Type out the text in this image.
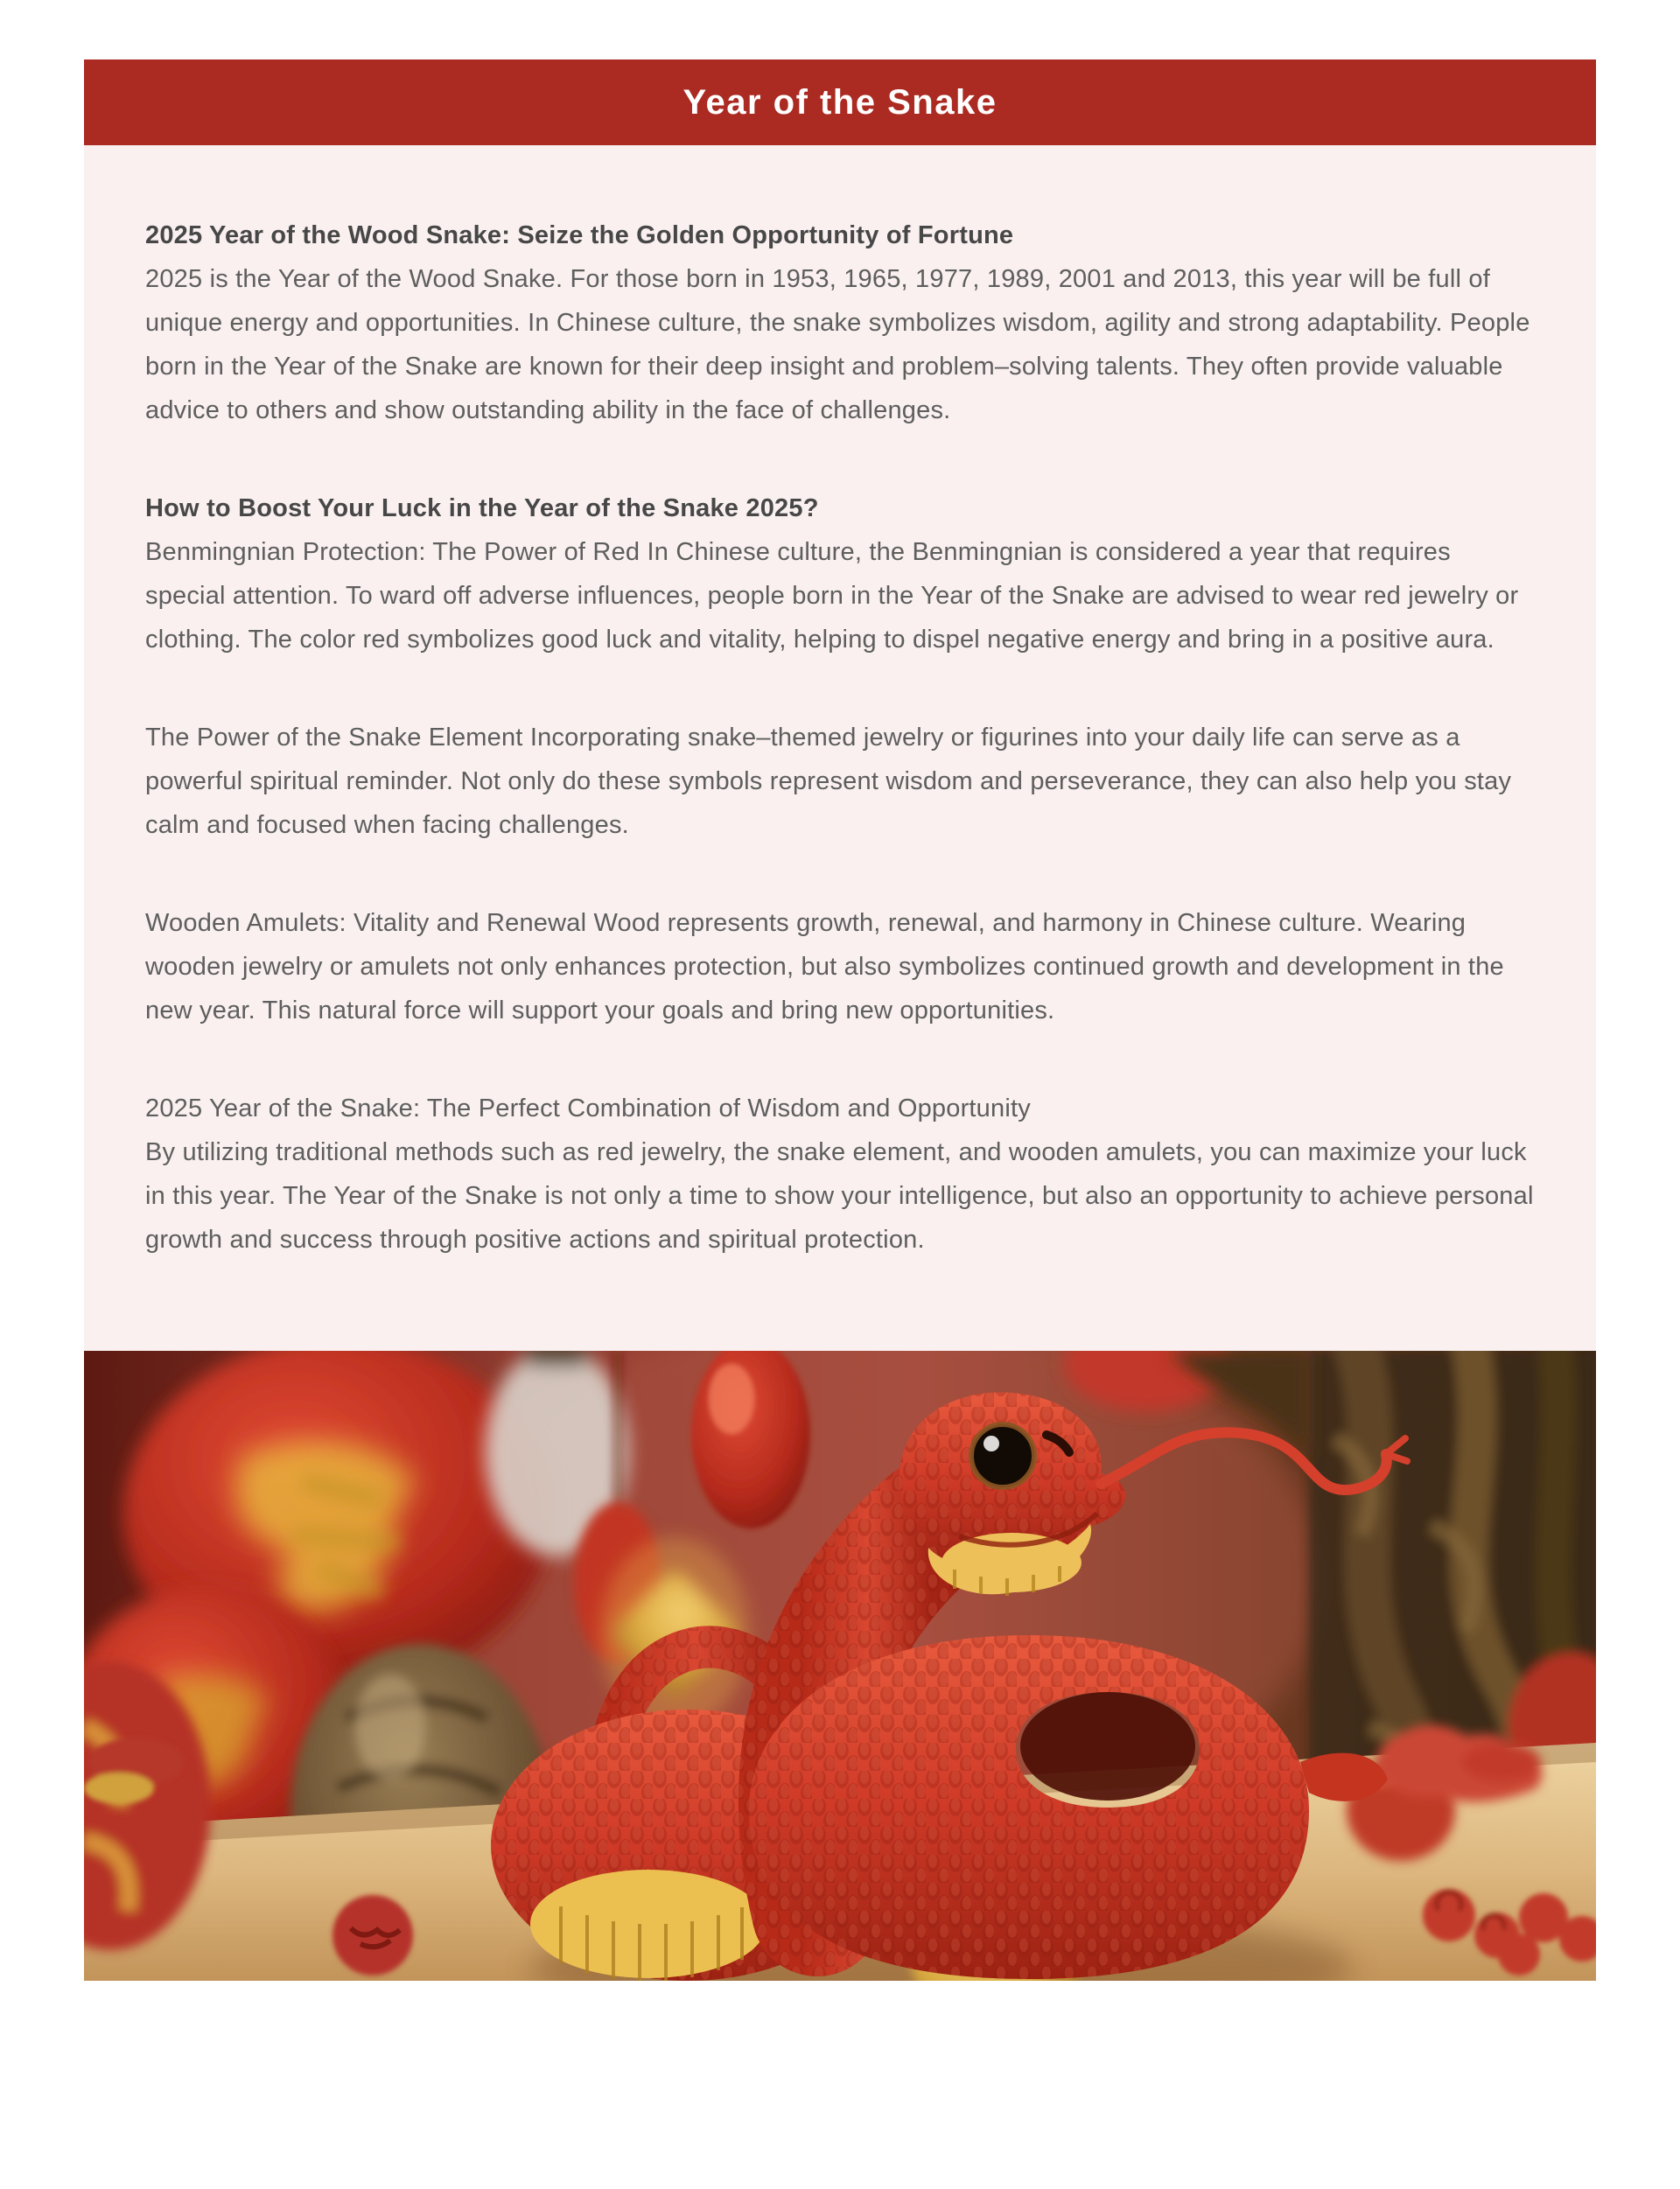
Year of the Snake

2025 Year of the Wood Snake: Seize the Golden Opportunity of Fortune
2025 is the Year of the Wood Snake. For those born in 1953, 1965, 1977, 1989, 2001 and 2013, this year will be full of unique energy and opportunities. In Chinese culture, the snake symbolizes wisdom, agility and strong adaptability. People born in the Year of the Snake are known for their deep insight and problem–solving talents. They often provide valuable advice to others and show outstanding ability in the face of challenges.

How to Boost Your Luck in the Year of the Snake 2025?
Benmingnian Protection: The Power of Red In Chinese culture, the Benmingnian is considered a year that requires special attention. To ward off adverse influences, people born in the Year of the Snake are advised to wear red jewelry or clothing. The color red symbolizes good luck and vitality, helping to dispel negative energy and bring in a positive aura.

The Power of the Snake Element Incorporating snake–themed jewelry or figurines into your daily life can serve as a powerful spiritual reminder. Not only do these symbols represent wisdom and perseverance, they can also help you stay calm and focused when facing challenges.

Wooden Amulets: Vitality and Renewal Wood represents growth, renewal, and harmony in Chinese culture. Wearing wooden jewelry or amulets not only enhances protection, but also symbolizes continued growth and development in the new year. This natural force will support your goals and bring new opportunities.

2025 Year of the Snake: The Perfect Combination of Wisdom and Opportunity
By utilizing traditional methods such as red jewelry, the snake element, and wooden amulets, you can maximize your luck in this year. The Year of the Snake is not only a time to show your intelligence, but also an opportunity to achieve personal growth and success through positive actions and spiritual protection.
